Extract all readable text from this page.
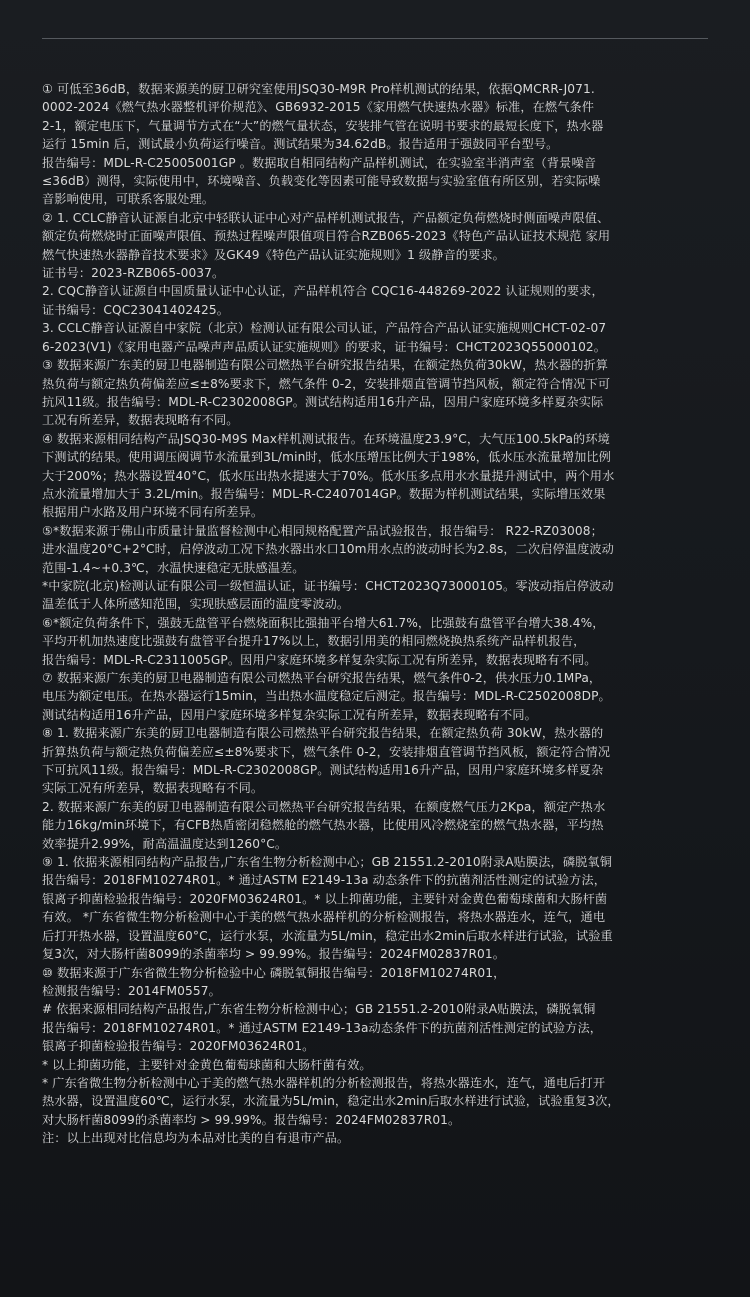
① 可低至36dB，数据来源美的厨卫研究室使用JSQ30-M9R Pro样机测试的结果，依据QMCRR-J071.
0002-2024《燃气热水器整机评价规范》、GB6932-2015《家用燃气快速热水器》标准，在燃气条件
2-1，额定电压下，气量调节方式在“大”的燃气量状态，安装排气管在说明书要求的最短长度下，热水器
运行 15min 后，测试最小负荷运行噪音。测试结果为34.62dB。报告适用于强鼓同平台型号。
报告编号：MDL-R-C25005001GP 。数据取自相同结构产品样机测试，在实验室半消声室（背景噪音
≤36dB）测得，实际使用中，环境噪音、负载变化等因素可能导致数据与实验室值有所区别，若实际噪
音影响使用，可联系客服处理。

② 1. CCLC静音认证源自北京中轻联认证中心对产品样机测试报告，产品额定负荷燃烧时侧面噪声限值、
额定负荷燃烧时正面噪声限值、预热过程噪声限值项目符合RZB065-2023《特色产品认证技术规范 家用
燃气快速热水器静音技术要求》及GK49《特色产品认证实施规则》1 级静音的要求。
证书号：2023-RZB065-0037。

2. CQC静音认证源自中国质量认证中心认证，产品样机符合 CQC16-448269-2022 认证规则的要求，
证书编号：CQC23041402425。

3. CCLC静音认证源自中家院（北京）检测认证有限公司认证，产品符合产品认证实施规则CHCT-02-07
6-2023(V1)《家用电器产品噪声声品质认证实施规则》的要求，证书编号：CHCT2023Q55000102。

③ 数据来源广东美的厨卫电器制造有限公司燃热平台研究报告结果，在额定热负荷30kW，热水器的折算
热负荷与额定热负荷偏差应≤±8%要求下，燃气条件 0-2，安装排烟直管调节挡风板，额定符合情况下可
抗风11级。报告编号：MDL-R-C2302008GP。测试结构适用16升产品，因用户家庭环境多样夏杂实际
工况有所差异，数据表现略有不同。

④ 数据来源相同结构产品JSQ30-M9S Max样机测试报告。在环境温度23.9°C，大气压100.5kPa的环境
下测试的结果。使用调压阀调节水流量到3L/min时，低水压增压比例大于198%，低水压水流量增加比例
大于200%；热水器设置40°C，低水压出热水提速大于70%。低水压多点用水水量提升测试中，两个用水
点水流量增加大于 3.2L/min。报告编号：MDL-R-C2407014GP。数据为样机测试结果，实际增压效果
根据用户水路及用户环境不同有所差异。

⑤*数据来源于佛山市质量计量监督检测中心相同规格配置产品试验报告，报告编号： R22-RZ03008；
进水温度20°C+2°C时，启停波动工况下热水器出水口10m用水点的波动时长为2.8s，二次启停温度波动
范围-1.4~+0.3℃，水温快速稳定无肤感温差。
*中家院(北京)检测认证有限公司一级恒温认证，证书编号：CHCT2023Q73000105。零波动指启停波动
温差低于人体所感知范围，实现肤感层面的温度零波动。

⑥*额定负荷条件下，强鼓无盘管平台燃烧面积比强抽平台增大61.7%，比强鼓有盘管平台增大38.4%，
平均开机加热速度比强鼓有盘管平台提升17%以上，数据引用美的相同燃烧换热系统产品样机报告，
报告编号：MDL-R-C2311005GP。因用户家庭环境多样复杂实际工况有所差异，数据表现略有不同。

⑦ 数据来源广东美的厨卫电器制造有限公司燃热平台研究报告结果，燃气条件0-2，供水压力0.1MPa，
电压为额定电压。在热水器运行15min，当出热水温度稳定后测定。报告编号：MDL-R-C2502008DP。
测试结构适用16升产品，因用户家庭环境多样复杂实际工况有所差异，数据表现略有不同。

⑧ 1. 数据来源广东美的厨卫电器制造有限公司燃热平台研究报告结果，在额定热负荷 30kW，热水器的
折算热负荷与额定热负荷偏差应≤±8%要求下，燃气条件 0-2，安装排烟直管调节挡风板，额定符合情况
下可抗风11级。报告编号：MDL-R-C2302008GP。测试结构适用16升产品，因用户家庭环境多样夏杂
实际工况有所差异，数据表现略有不同。

2. 数据来源广东美的厨卫电器制造有限公司燃热平台研究报告结果，在额度燃气压力2Kpa，额定产热水
能力16kg/min环境下，有CFB热盾密闭稳燃舱的燃气热水器，比使用风冷燃烧室的燃气热水器，平均热
效率提升2.99%，耐高温温度达到1260°C。

⑨ 1. 依据来源相同结构产品报告,广东省生物分析检测中心；GB 21551.2-2010附录A贴膜法，磷脱氧铜
报告编号：2018FM10274R01。* 通过ASTM E2149-13a 动态条件下的抗菌剂活性测定的试验方法，
银离子抑菌检验报告编号：2020FM03624R01。* 以上抑菌功能，主要针对金黄色葡萄球菌和大肠杆菌
有效。 *广东省微生物分析检测中心于美的燃气热水器样机的分析检测报告，将热水器连水，连气，通电
后打开热水器，设置温度60°C，运行水泵，水流量为5L/min，稳定出水2min后取水样进行试验，试验重
复3次，对大肠杆菌8099的杀菌率均 > 99.99%。报告编号：2024FM02837R01。

⑩ 数据来源于广东省微生物分析检验中心 磷脱氧铜报告编号：2018FM10274R01，
检测报告编号：2014FM0557。

# 依据来源相同结构产品报告,广东省生物分析检测中心；GB 21551.2-2010附录A贴膜法，磷脱氧铜
报告编号：2018FM10274R01。* 通过ASTM E2149-13a动态条件下的抗菌剂活性测定的试验方法，
银离子抑菌检验报告编号：2020FM03624R01。
* 以上抑菌功能，主要针对金黄色葡萄球菌和大肠杆菌有效。
* 广东省微生物分析检测中心于美的燃气热水器样机的分析检测报告，将热水器连水，连气，通电后打开
热水器，设置温度60℃，运行水泵，水流量为5L/min，稳定出水2min后取水样进行试验，试验重复3次，
对大肠杆菌8099的杀菌率均 > 99.99%。报告编号：2024FM02837R01。

注：以上出现对比信息均为本品对比美的自有退市产品。
